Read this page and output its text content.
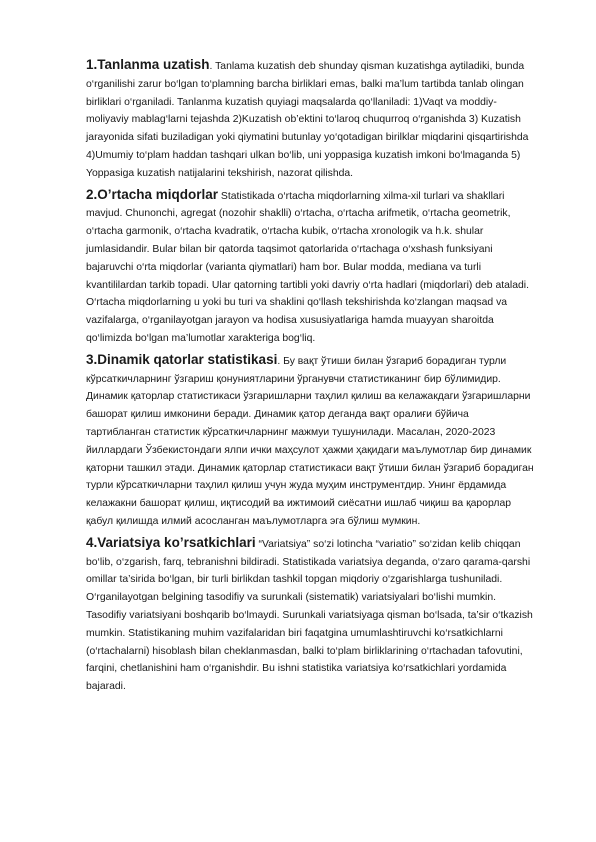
1.Tanlanma uzatish. Tanlama kuzatish deb shunday qisman kuzatishga aytiladiki, bunda o‘rganilishi zarur bo‘lgan to‘plamning barcha birliklari emas, balki ma’lum tartibda tanlab olingan birliklari o‘rganiladi. Tanlanma kuzatish quyiagi maqsalarda qo‘llaniladi: 1)Vaqt va moddiy-moliyaviy mablag‘larni tejashda 2)Kuzatish ob’ektini to‘laroq chuqurroq o‘rganishda 3) Kuzatish jarayonida sifati buziladigan yoki qiymatini butunlay yo‘qotadigan birilklar miqdarini qisqartirishda 4)Umumiy to‘plam haddan tashqari ulkan bo‘lib, uni yoppasiga kuzatish imkoni bo‘lmaganda 5) Yoppasiga kuzatish natijalarini tekshirish, nazorat qilishda.

2.O’rtacha miqdorlar Statistikada o‘rtacha miqdorlarning xilma-xil turlari va shakllari mavjud. Chunonchi, agregat (nozohir shaklli) o‘rtacha, o‘rtacha arifmetik, o‘rtacha geometrik, o‘rtacha garmonik, o‘rtacha kvadratik, o‘rtacha kubik, o‘rtacha xronologik va h.k. shular jumlasidandir. Bular bilan bir qatorda taqsimot qatorlarida o‘rtachaga o‘xshash funksiyani bajaruvchi o‘rta miqdorlar (varianta qiymatlari) ham bor. Bular modda, mediana va turli kvantililardan tarkib topadi. Ular qatorning tartibli yoki davriy o‘rta hadlari (miqdorlari) deb ataladi. O‘rtacha miqdorlarning u yoki bu turi va shaklini qo‘llash tekshirishda ko‘zlangan maqsad va vazifalarga, o‘rganilayotgan jarayon va hodisa xususiyatlariga hamda muayyan sharoitda qo‘limizda bo‘lgan ma’lumotlar xarakteriga bog‘liq.

3.Dinamik qatorlar statistikasi. Бу вақт ўтиши билан ўзгариб борадиган турли кўрсаткичларнинг ўзгариш қонуниятларини ўрганувчи статистиканинг бир бўлимидир. Динамик қаторлар статистикаси ўзгаришларни таҳлил қилиш ва келажакдаги ўзгаришларни башорат қилиш имконини беради. Динамик қатор деганда вақт оралиғи бўйича тартибланган статистик кўрсаткичларнинг мажмуи тушунилади. Масалан, 2020-2023 йиллардаги Ўзбекистондаги ялпи ички маҳсулот ҳажми ҳақидаги маълумотлар бир динамик қаторни ташкил этади. Динамик қаторлар статистикаси вақт ўтиши билан ўзгариб борадиган турли кўрсаткичларни таҳлил қилиш учун жуда муҳим инструментдир. Унинг ёрдамида келажакни башорат қилиш, иқтисодий ва ижтимоий сиёсатни ишлаб чиқиш ва қарорлар қабул қилишда илмий асосланган маълумотларга эга бўлиш мумкин.

4.Variatsiya ko’rsatkichlari “Variatsiya” so‘zi lotincha “variatio” so‘zidan kelib chiqqan bo‘lib, o‘zgarish, farq, tebranishni bildiradi. Statistikada variatsiya deganda, o‘zaro qarama-qarshi omillar ta’sirida bo‘lgan, bir turli birlikdan tashkil topgan miqdoriy o‘zgarishlarga tushuniladi. O‘rganilayotgan belgining tasodifiy va surunkali (sistematik) variatsiyalari bo‘lishi mumkin. Tasodifiy variatsiyani boshqarib bo‘lmaydi. Surunkali variatsiyaga qisman bo‘lsada, ta’sir o‘tkazish mumkin. Statistikaning muhim vazifalaridan biri faqatgina umumlashtiruvchi ko‘rsatkichlarni (o‘rtachalarni) hisoblash bilan cheklanmasdan, balki to‘plam birliklarining o‘rtachadan tafovutini, farqini, chetlanishini ham o‘rganishdir. Bu ishni statistika variatsiya ko‘rsatkichlari yordamida bajaradi.
